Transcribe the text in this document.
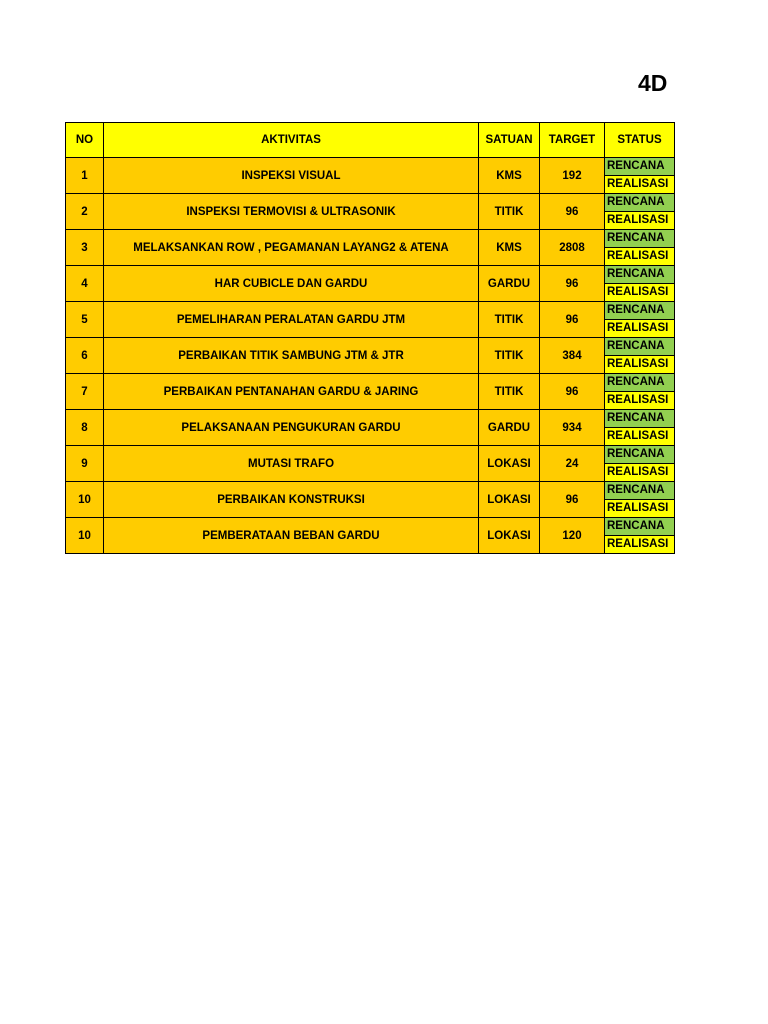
4D
NO	AKTIVITAS	SATUAN	TARGET	STATUS
1	INSPEKSI VISUAL	KMS	192	RENCANA
REALISASI

2	INSPEKSI TERMOVISI & ULTRASONIK	TITIK	96	RENCANA
REALISASI

3	MELAKSANKAN ROW , PEGAMANAN LAYANG2 & ATENA	KMS	2808	RENCANA
REALISASI

4	HAR CUBICLE DAN GARDU	GARDU	96	RENCANA
REALISASI

5	PEMELIHARAN PERALATAN GARDU JTM	TITIK	96	RENCANA
REALISASI

6	PERBAIKAN TITIK SAMBUNG JTM & JTR	TITIK	384	RENCANA
REALISASI

7	PERBAIKAN PENTANAHAN GARDU & JARING	TITIK	96	RENCANA
REALISASI

8	PELAKSANAAN PENGUKURAN GARDU	GARDU	934	RENCANA
REALISASI

9	MUTASI TRAFO	LOKASI	24	RENCANA
REALISASI

10	PERBAIKAN KONSTRUKSI	LOKASI	96	RENCANA
REALISASI

10	PEMBERATAAN BEBAN GARDU	LOKASI	120	RENCANA
REALISASI
